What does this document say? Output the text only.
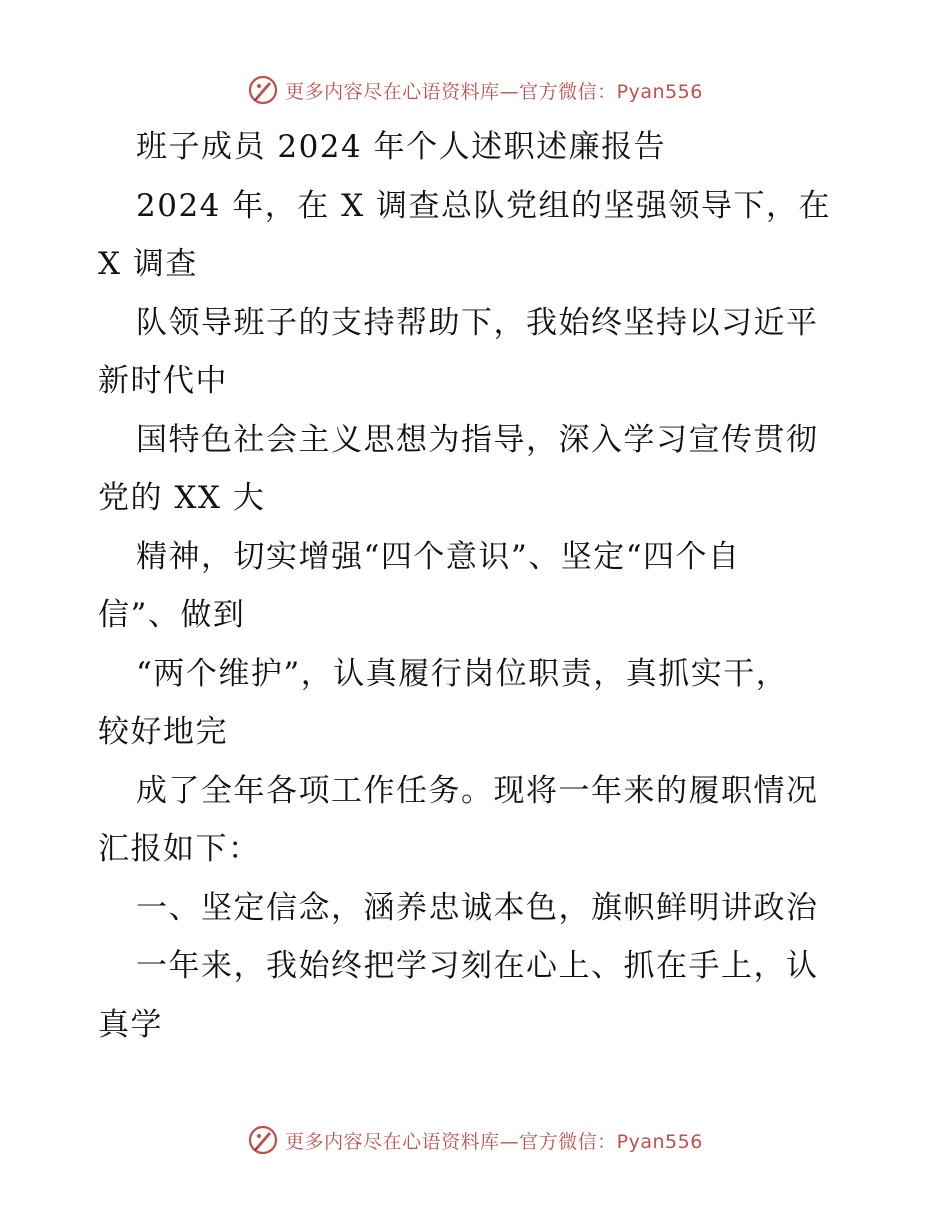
更多内容尽在心语资料库—官方微信：Pyan556
班子成员 2024 年个人述职述廉报告
2024 年，在 X 调查总队党组的坚强领导下，在
X 调查
队领导班子的支持帮助下，我始终坚持以习近平
新时代中
国特色社会主义思想为指导，深入学习宣传贯彻
党的 XX 大
精神，切实增强“四个意识”、坚定“四个自
信”、做到
“两个维护”，认真履行岗位职责，真抓实干，
较好地完
成了全年各项工作任务。现将一年来的履职情况
汇报如下：
一、坚定信念，涵养忠诚本色，旗帜鲜明讲政治
一年来，我始终把学习刻在心上、抓在手上，认
真学
更多内容尽在心语资料库—官方微信：Pyan556
